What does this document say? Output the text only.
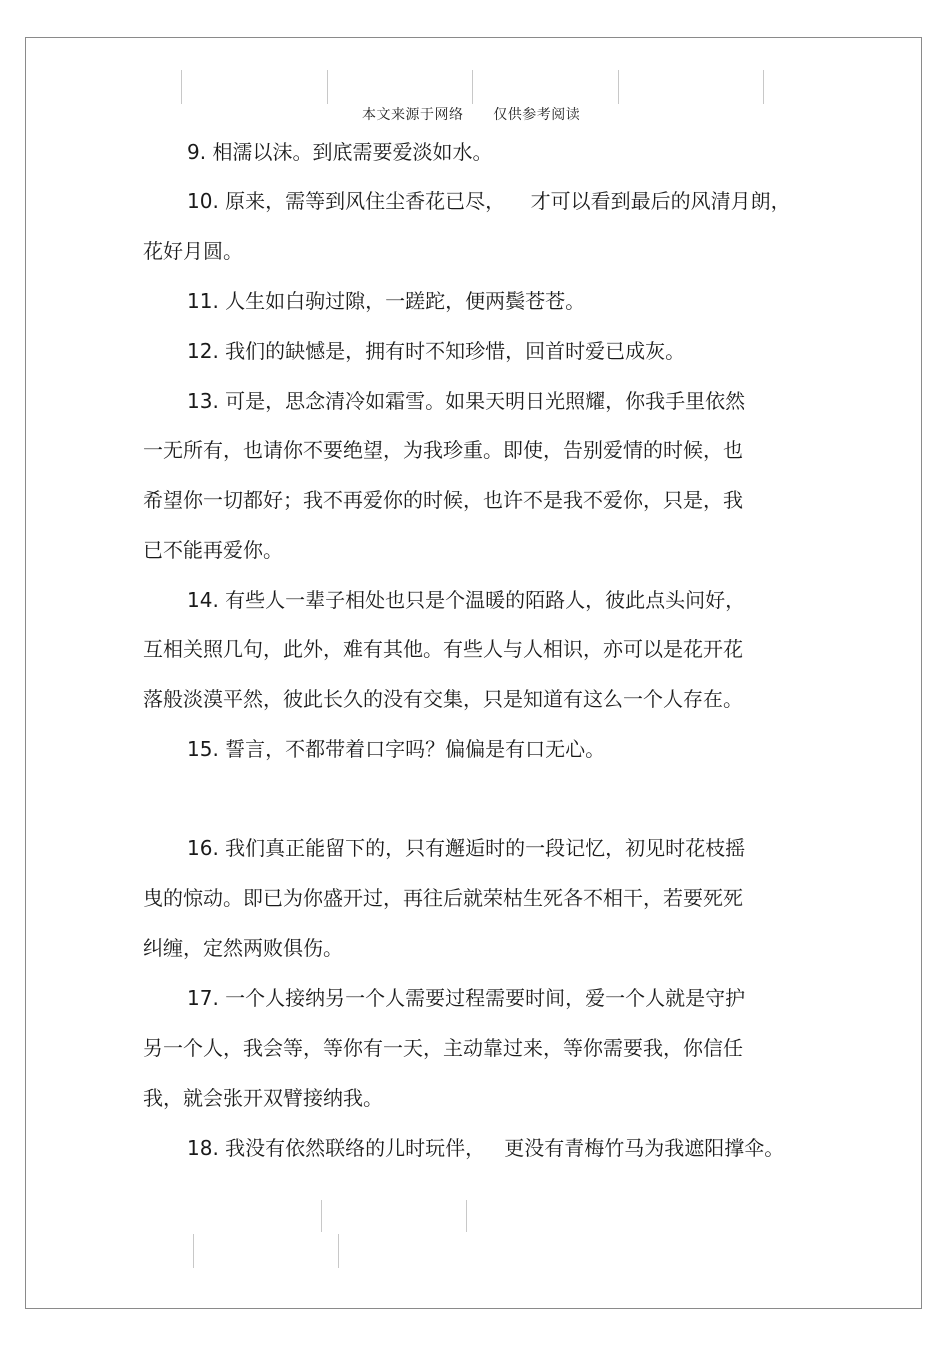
本文来源于网络      仅供参考阅读
9. 相濡以沫。到底需要爱淡如水。
10. 原来，需等到风住尘香花已尽，    才可以看到最后的风清月朗，
花好月圆。
11. 人生如白驹过隙，一蹉跎，便两鬓苍苍。
12. 我们的缺憾是，拥有时不知珍惜，回首时爱已成灰。
13. 可是，思念清冷如霜雪。如果天明日光照耀，你我手里依然
一无所有，也请你不要绝望，为我珍重。即使，告别爱情的时候，也
希望你一切都好；我不再爱你的时候，也许不是我不爱你，只是，我
已不能再爱你。
14. 有些人一辈子相处也只是个温暖的陌路人，彼此点头问好，
互相关照几句，此外，难有其他。有些人与人相识，亦可以是花开花
落般淡漠平然，彼此长久的没有交集，只是知道有这么一个人存在。
15. 誓言，不都带着口字吗？偏偏是有口无心。
16. 我们真正能留下的，只有邂逅时的一段记忆，初见时花枝摇
曳的惊动。即已为你盛开过，再往后就荣枯生死各不相干，若要死死
纠缠，定然两败俱伤。
17. 一个人接纳另一个人需要过程需要时间，爱一个人就是守护
另一个人，我会等，等你有一天，主动靠过来，等你需要我，你信任
我，就会张开双臂接纳我。
18. 我没有依然联络的儿时玩伴，   更没有青梅竹马为我遮阳撑伞。
